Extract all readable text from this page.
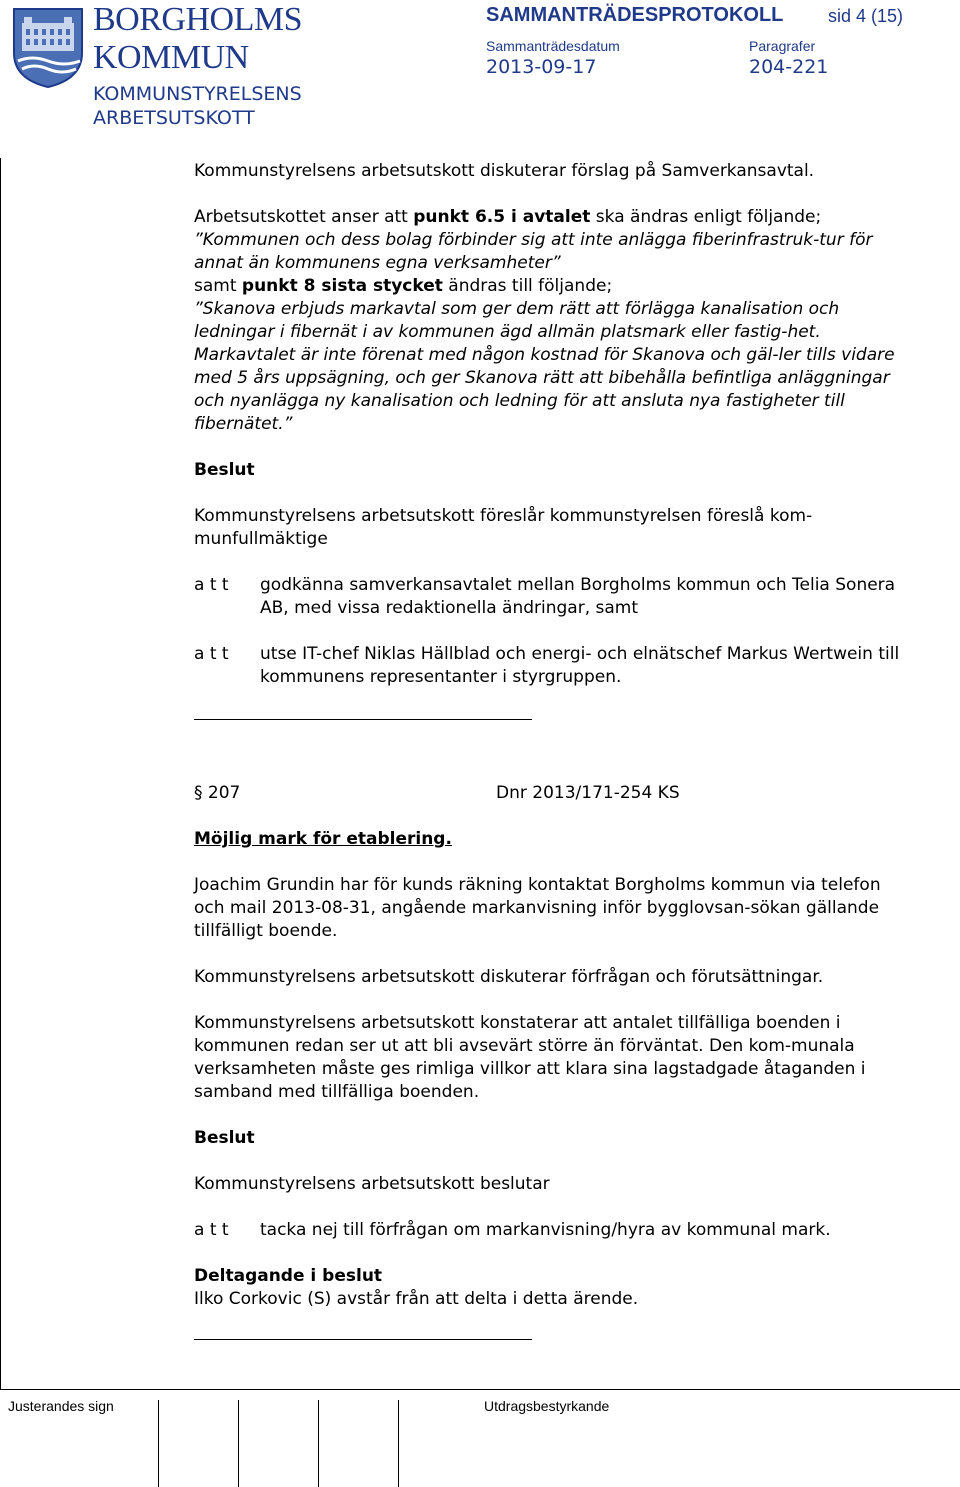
BORGHOLMS
KOMMUN
KOMMUNSTYRELSENS
ARBETSUTSKOTT
SAMMANTRÄDESPROTOKOLL sid 4 (15)
Sammanträdesdatum
2013-09-17
Paragrafer
204-221

Kommunstyrelsens arbetsutskott diskuterar förslag på Samverkansavtal.

Arbetsutskottet anser att punkt 6.5 i avtalet ska ändras enligt följande;

”Kommunen och dess bolag förbinder sig att inte anlägga fiberinfrastruk-tur för annat än kommunens egna verksamheter”

samt punkt 8 sista stycket ändras till följande;

”Skanova erbjuds markavtal som ger dem rätt att förlägga kanalisation och ledningar i fibernät i av kommunen ägd allmän platsmark eller fastig-het. Markavtalet är inte förenat med någon kostnad för Skanova och gäl-ler tills vidare med 5 års uppsägning, och ger Skanova rätt att bibehålla befintliga anläggningar och nyanlägga ny kanalisation och ledning för att ansluta nya fastigheter till fibernätet.”

Beslut

Kommunstyrelsens arbetsutskott föreslår kommunstyrelsen föreslå kom-munfullmäktige

a t t	godkänna samverkansavtalet mellan Borgholms kommun och Telia Sonera AB, med vissa redaktionella ändringar, samt
a t t	utse IT-chef Niklas Hällblad och energi- och elnätschef Markus Wertwein till kommunens representanter i styrgruppen.
§ 207	Dnr 2013/171-254 KS

Möjlig mark för etablering.

Joachim Grundin har för kunds räkning kontaktat Borgholms kommun via telefon och mail 2013-08-31, angående markanvisning inför bygglovsan-sökan gällande tillfälligt boende.

Kommunstyrelsens arbetsutskott diskuterar förfrågan och förutsättningar.

Kommunstyrelsens arbetsutskott konstaterar att antalet tillfälliga boenden i kommunen redan ser ut att bli avsevärt större än förväntat. Den kom-munala verksamheten måste ges rimliga villkor att klara sina lagstadgade åtaganden i samband med tillfälliga boenden.

Beslut

Kommunstyrelsens arbetsutskott beslutar

a t t	tacka nej till förfrågan om markanvisning/hyra av kommunal mark.

Deltagande i beslut

Ilko Corkovic (S) avstår från att delta i detta ärende.

Justerandes sign	Utdragsbestyrkande
